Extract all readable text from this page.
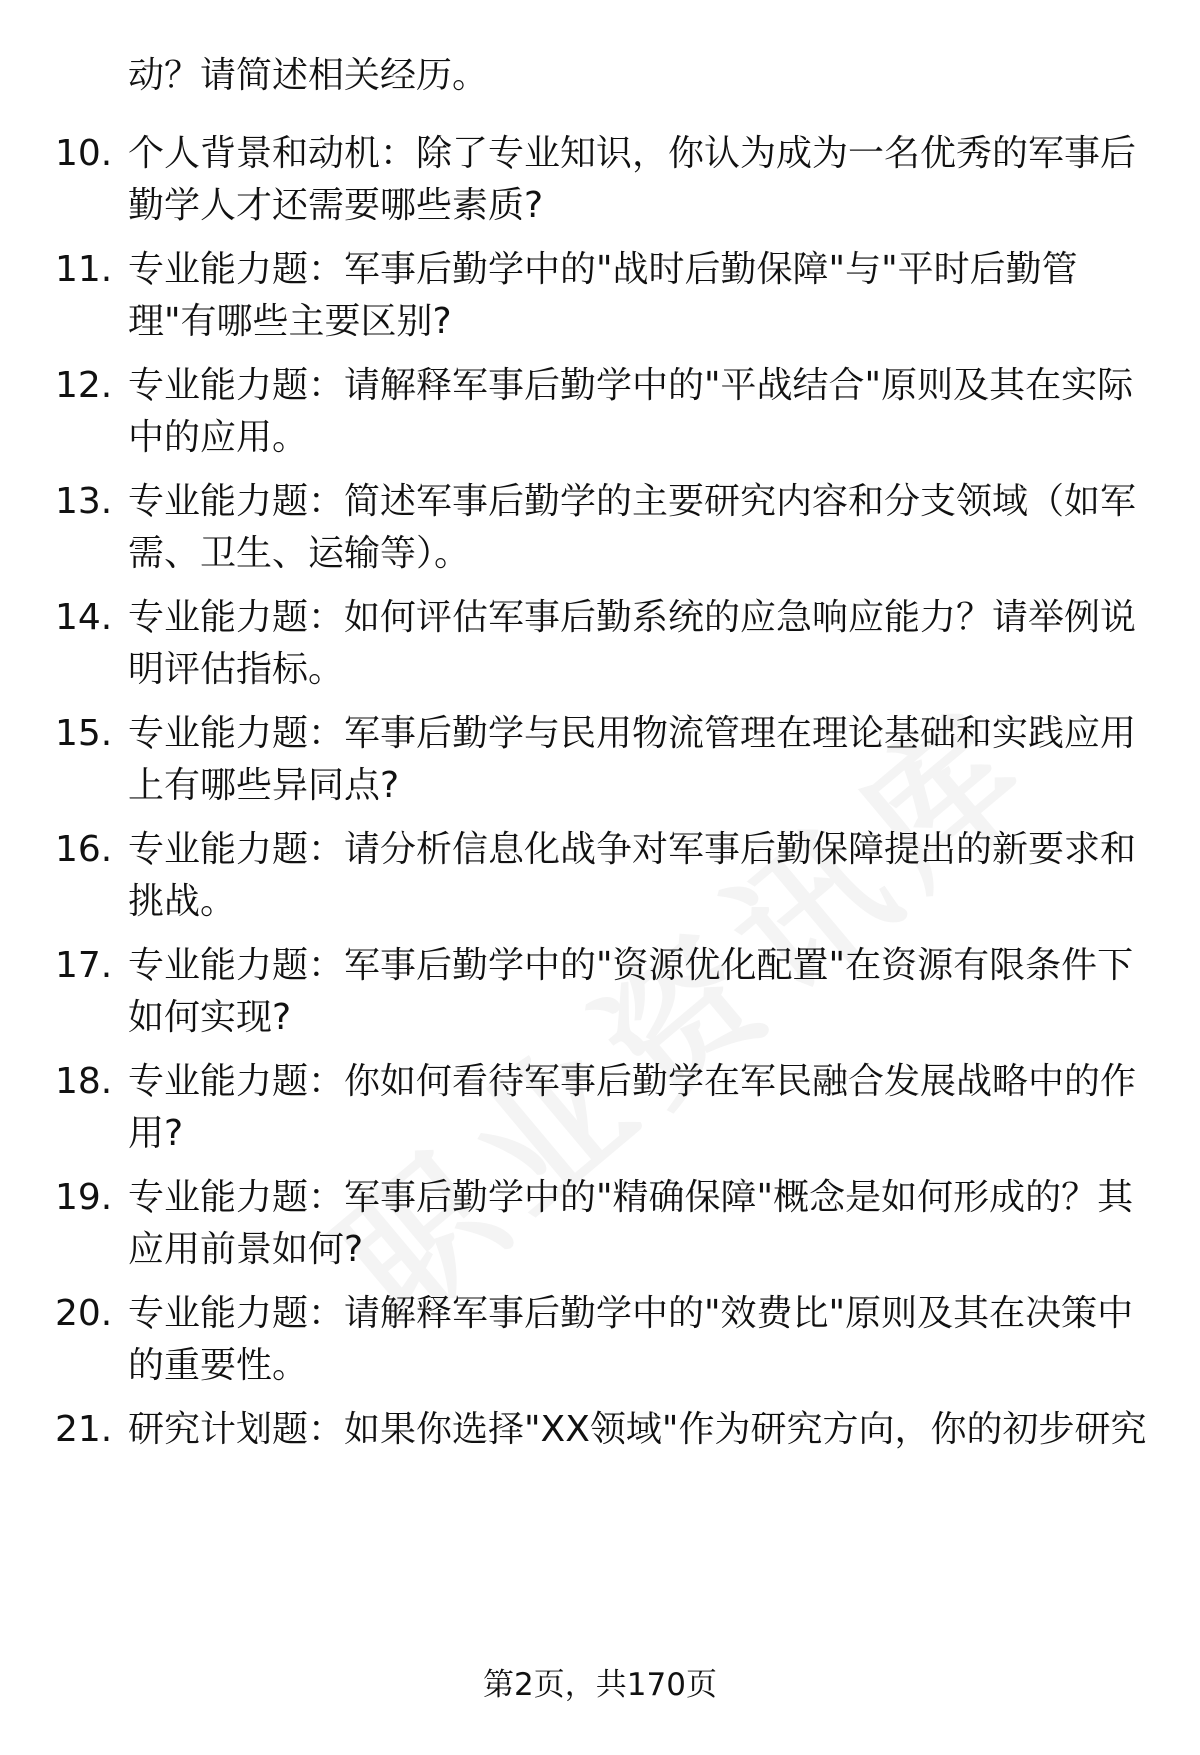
动？请简述相关经历。
10. 个人背景和动机：除了专业知识，你认为成为一名优秀的军事后
勤学人才还需要哪些素质?
11. 专业能力题：军事后勤学中的"战时后勤保障"与"平时后勤管
理"有哪些主要区别?
12. 专业能力题：请解释军事后勤学中的"平战结合"原则及其在实际
中的应用。
13. 专业能力题：简述军事后勤学的主要研究内容和分支领域（如军
需、卫生、运输等）。
14. 专业能力题：如何评估军事后勤系统的应急响应能力？请举例说
明评估指标。
15. 专业能力题：军事后勤学与民用物流管理在理论基础和实践应用
上有哪些异同点?
16. 专业能力题：请分析信息化战争对军事后勤保障提出的新要求和
挑战。
17. 专业能力题：军事后勤学中的"资源优化配置"在资源有限条件下
如何实现?
18. 专业能力题：你如何看待军事后勤学在军民融合发展战略中的作
用?
19. 专业能力题：军事后勤学中的"精确保障"概念是如何形成的？其
应用前景如何?
20. 专业能力题：请解释军事后勤学中的"效费比"原则及其在决策中
的重要性。
21. 研究计划题：如果你选择"XX领域"作为研究方向，你的初步研究
第2页，共170页
